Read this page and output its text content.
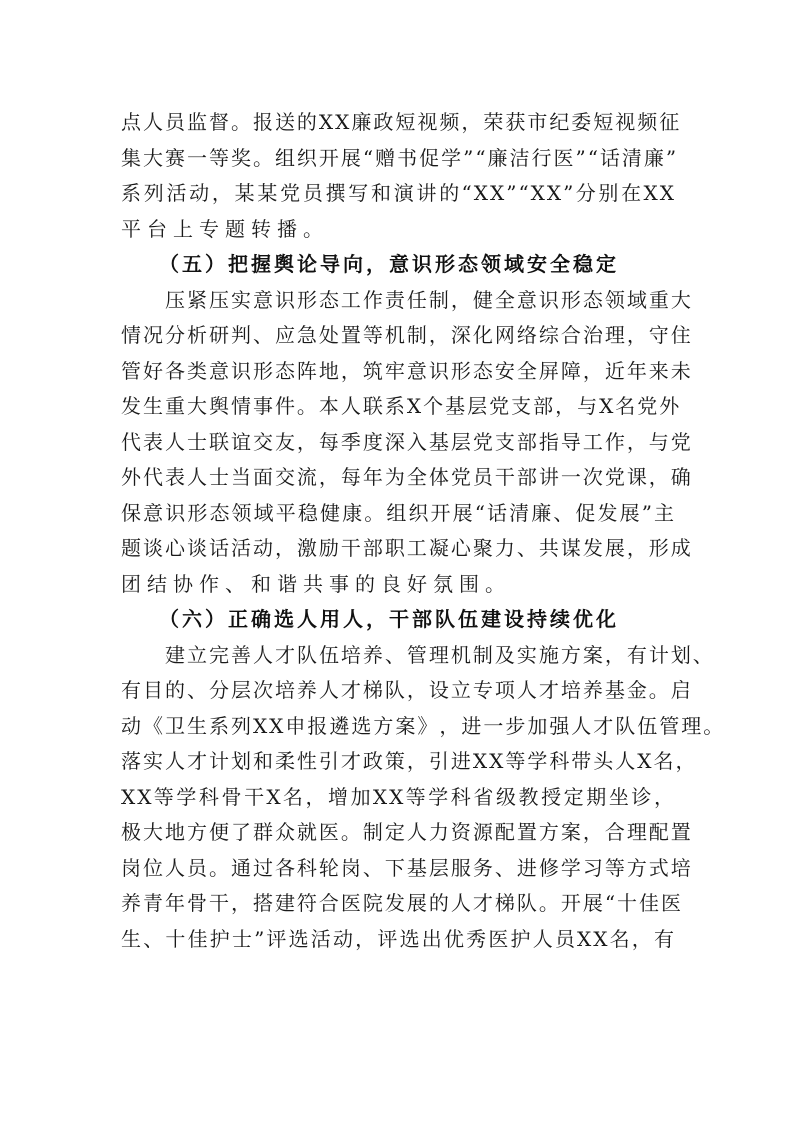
点 人 员 监 督 。 报 送 的 X X 廉 政 短 视 频 ， 荣 获 市 纪 委 短 视 频 征
集 大 赛 一 等 奖 。 组 织 开 展 “ 赠 书 促 学 ” “ 廉 洁 行 医 ” “ 话 清 廉 ”
系 列 活 动 ， 某 某 党 员 撰 写 和 演 讲 的 “ X X ” “ X X ” 分 别 在 X X
平台上专题转播。
（五）把握舆论导向，意识形态领域安全稳定
压 紧 压 实 意 识 形 态 工 作 责 任 制 ， 健 全 意 识 形 态 领 域 重 大
情 况 分 析 研 判 、 应 急 处 置 等 机 制 ， 深 化 网 络 综 合 治 理 ， 守 住
管 好 各 类 意 识 形 态 阵 地 ， 筑 牢 意 识 形 态 安 全 屏 障 ， 近 年 来 未
发 生 重 大 舆 情 事 件 。 本 人 联 系 X 个 基 层 党 支 部 ， 与 X 名 党 外
代 表 人 士 联 谊 交 友 ， 每 季 度 深 入 基 层 党 支 部 指 导 工 作 ， 与 党
外 代 表 人 士 当 面 交 流 ， 每 年 为 全 体 党 员 干 部 讲 一 次 党 课 ， 确
保 意 识 形 态 领 域 平 稳 健 康 。 组 织 开 展 “ 话 清 廉 、 促 发 展 ” 主
题 谈 心 谈 话 活 动 ， 激 励 干 部 职 工 凝 心 聚 力 、 共 谋 发 展 ， 形 成
团结协作、和谐共事的良好氛围。
（六）正确选人用人，干部队伍建设持续优化
建 立 完 善 人 才 队 伍 培 养 、 管 理 机 制 及 实 施 方 案 ， 有 计 划 、
有 目 的 、 分 层 次 培 养 人 才 梯 队 ， 设 立 专 项 人 才 培 养 基 金 。 启
动 《 卫 生 系 列 X X 申 报 遴 选 方 案 》 ， 进 一 步 加 强 人 才 队 伍 管 理 。
落 实 人 才 计 划 和 柔 性 引 才 政 策 ， 引 进 X X 等 学 科 带 头 人 X 名 ，
X X 等 学 科 骨 干 X 名 ， 增 加 X X 等 学 科 省 级 教 授 定 期 坐 诊 ，
极 大 地 方 便 了 群 众 就 医 。 制 定 人 力 资 源 配 置 方 案 ， 合 理 配 置
岗 位 人 员 。 通 过 各 科 轮 岗 、 下 基 层 服 务 、 进 修 学 习 等 方 式 培
养 青 年 骨 干 ， 搭 建 符 合 医 院 发 展 的 人 才 梯 队 。 开 展 “ 十 佳 医
生 、 十 佳 护 士 ” 评 选 活 动 ， 评 选 出 优 秀 医 护 人 员 X X 名 ， 有
